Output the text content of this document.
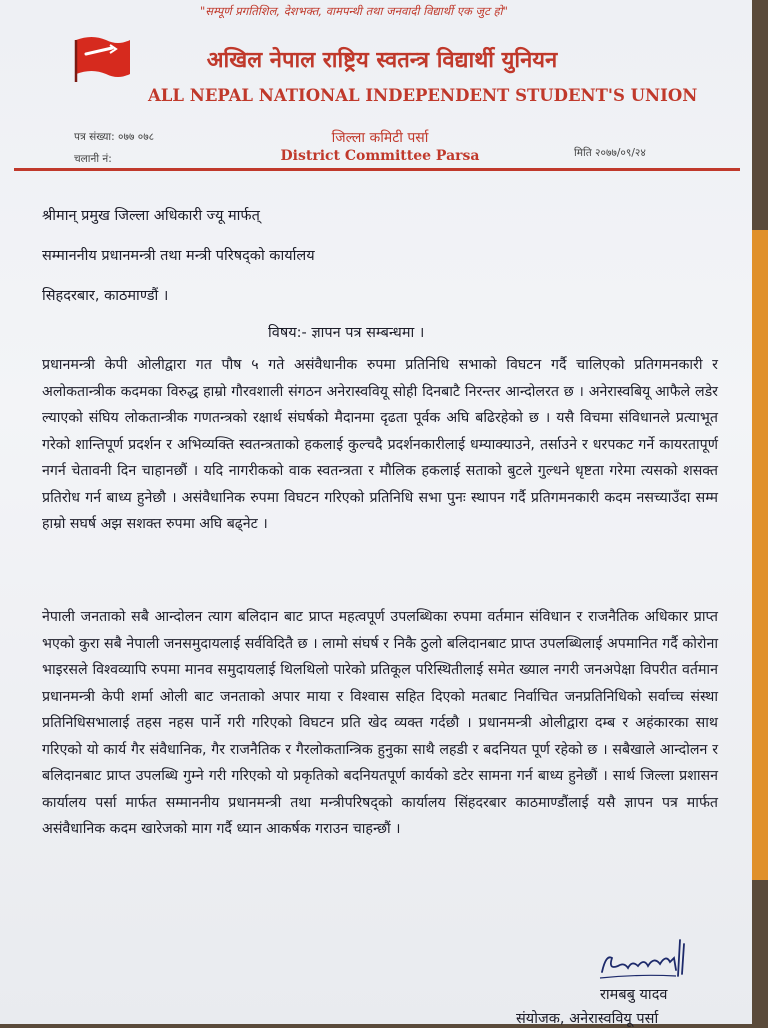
"सम्पूर्ण प्रगतिशिल, देशभक्त, वामपन्थी तथा जनवादी विद्यार्थी एक जुट हो"
अखिल नेपाल राष्ट्रिय स्वतन्त्र विद्यार्थी युनियन
ALL NEPAL NATIONAL INDEPENDENT STUDENT'S UNION
पत्र संख्या: ०७७ ०७८
चलानी नं:
जिल्ला कमिटी पर्सा
District Committee Parsa	मिति २०७७/०९/२४
श्रीमान् प्रमुख जिल्ला अधिकारी ज्यू मार्फत्
सम्माननीय प्रधानमन्त्री तथा मन्त्री परिषद्को कार्यालय
सिहदरबार, काठमाण्डौं ।
विषय:- ज्ञापन पत्र सम्बन्धमा ।

प्रधानमन्त्री केपी ओलीद्वारा गत पौष ५ गते असंवैधानीक रुपमा प्रतिनिधि सभाको विघटन गर्दै चालिएको प्रतिगमनकारी र अलोकतान्त्रीक कदमका विरुद्ध हाम्रो गौरवशाली संगठन अनेरास्ववियू सोही दिनबाटै निरन्तर आन्दोलरत छ । अनेरास्वबियू आफैले लडेर ल्याएको संघिय लोकतान्त्रीक गणतन्त्रको रक्षार्थ संघर्षको मैदानमा दृढता पूर्वक अघि बढिरहेको छ । यसै विचमा संविधानले प्रत्याभूत गरेको शान्तिपूर्ण प्रदर्शन र अभिव्यक्ति स्वतन्त्रताको हकलाई कुल्चदै प्रदर्शनकारीलाई धम्याक्याउने, तर्साउने र धरपकट गर्ने कायरतापूर्ण नगर्न चेतावनी दिन चाहानछौं । यदि नागरीकको वाक स्वतन्त्रता र मौलिक हकलाई सताको बुटले गुल्धने धृष्टता गरेमा त्यसको शसक्त प्रतिरोध गर्न बाध्य हुनेछौ । असंवैधानिक रुपमा विघटन गरिएको प्रतिनिधि सभा पुनः स्थापन गर्दै प्रतिगमनकारी कदम नसच्याउँदा सम्म हाम्रो सघर्ष अझ सशक्त रुपमा अघि बढ्नेट ।

नेपाली जनताको सबै आन्दोलन त्याग बलिदान बाट प्राप्त महत्वपूर्ण उपलब्धिका रुपमा वर्तमान संविधान र राजनैतिक अधिकार प्राप्त भएको कुरा सबै नेपाली जनसमुदायलाई सर्वविदितै छ । लामो संघर्ष र निकै ठुलो बलिदानबाट प्राप्त उपलब्धिलाई अपमानित गर्दै कोरोना भाइरसले विश्वव्यापि रुपमा मानव समुदायलाई थिलथिलो पारेको प्रतिकूल परिस्थितीलाई समेत ख्याल नगरी जनअपेक्षा विपरीत वर्तमान प्रधानमन्त्री केपी शर्मा ओली बाट जनताको अपार माया र विश्वास सहित दिएको मतबाट निर्वाचित जनप्रतिनिधिको सर्वाच्च संस्था प्रतिनिधिसभालाई तहस नहस पार्ने गरी गरिएको विघटन प्रति खेद व्यक्त गर्दछौ । प्रधानमन्त्री ओलीद्वारा दम्ब र अहंकारका साथ गरिएको यो कार्य गैर संवैधानिक, गैर राजनैतिक र गैरलोकतान्त्रिक हुनुका साथै लहडी र बदनियत पूर्ण रहेको छ । सबैखाले आन्दोलन र बलिदानबाट प्राप्त उपलब्धि गुम्ने गरी गरिएको यो प्रकृतिको बदनियतपूर्ण कार्यको डटेर सामना गर्न बाध्य हुनेछौं । सार्थ जिल्ला प्रशासन कार्यालय पर्सा मार्फत सम्माननीय प्रधानमन्त्री तथा मन्त्रीपरिषद्को कार्यालय सिंहदरबार काठमाण्डौंलाई यसै ज्ञापन पत्र मार्फत असंवैधानिक कदम खारेजको माग गर्दै ध्यान आकर्षक गराउन चाहन्छौं ।

रामबबु यादव
संयोजक, अनेरास्ववियू पर्सा
